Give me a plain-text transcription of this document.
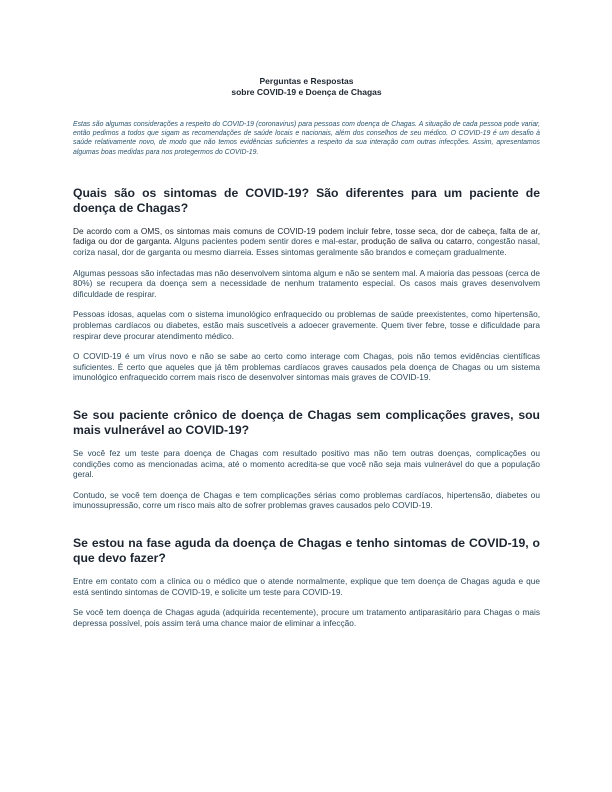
Perguntas e Respostas
sobre COVID-19 e Doença de Chagas

Estas são algumas considerações a respeito do COVID-19 (coronavirus) para pessoas com doença de Chagas. A situação de cada pessoa pode variar, então pedimos a todos que sigam as recomendações de saúde locais e nacionais, além dos conselhos de seu médico. O COVID-19 é um desafio à saúde relativamente novo, de modo que não temos evidências suficientes a respeito da sua interação com outras infecções. Assim, apresentamos algumas boas medidas para nos protegermos do COVID-19.

Quais são os sintomas de COVID-19? São diferentes para um paciente de doença de Chagas?

De acordo com a OMS, os sintomas mais comuns de COVID-19 podem incluir febre, tosse seca, dor de cabeça, falta de ar, fadiga ou dor de garganta. Alguns pacientes podem sentir dores e mal-estar, produção de saliva ou catarro, congestão nasal, coriza nasal, dor de garganta ou mesmo diarreia. Esses sintomas geralmente são brandos e começam gradualmente.

Algumas pessoas são infectadas mas não desenvolvem sintoma algum e não se sentem mal. A maioria das pessoas (cerca de 80%) se recupera da doença sem a necessidade de nenhum tratamento especial. Os casos mais graves desenvolvem dificuldade de respirar.

Pessoas idosas, aquelas com o sistema imunológico enfraquecido ou problemas de saúde preexistentes, como hipertensão, problemas cardíacos ou diabetes, estão mais suscetíveis a adoecer gravemente. Quem tiver febre, tosse e dificuldade para respirar deve procurar atendimento médico.

O COVID-19 é um vírus novo e não se sabe ao certo como interage com Chagas, pois não temos evidências científicas suficientes. É certo que aqueles que já têm problemas cardíacos graves causados pela doença de Chagas ou um sistema imunológico enfraquecido correm mais risco de desenvolver sintomas mais graves de COVID-19.

Se sou paciente crônico de doença de Chagas sem complicações graves, sou mais vulnerável ao COVID-19?

Se você fez um teste para doença de Chagas com resultado positivo mas não tem outras doenças, complicações ou condições como as mencionadas acima, até o momento acredita-se que você não seja mais vulnerável do que a população geral.

Contudo, se você tem doença de Chagas e tem complicações sérias como problemas cardíacos, hipertensão, diabetes ou imunossupressão, corre um risco mais alto de sofrer problemas graves causados pelo COVID-19.

Se estou na fase aguda da doença de Chagas e tenho sintomas de COVID-19, o que devo fazer?

Entre em contato com a clínica ou o médico que o atende normalmente, explique que tem doença de Chagas aguda e que está sentindo sintomas de COVID-19, e solicite um teste para COVID-19.

Se você tem doença de Chagas aguda (adquirida recentemente), procure um tratamento antiparasitário para Chagas o mais depressa possível, pois assim terá uma chance maior de eliminar a infecção.
